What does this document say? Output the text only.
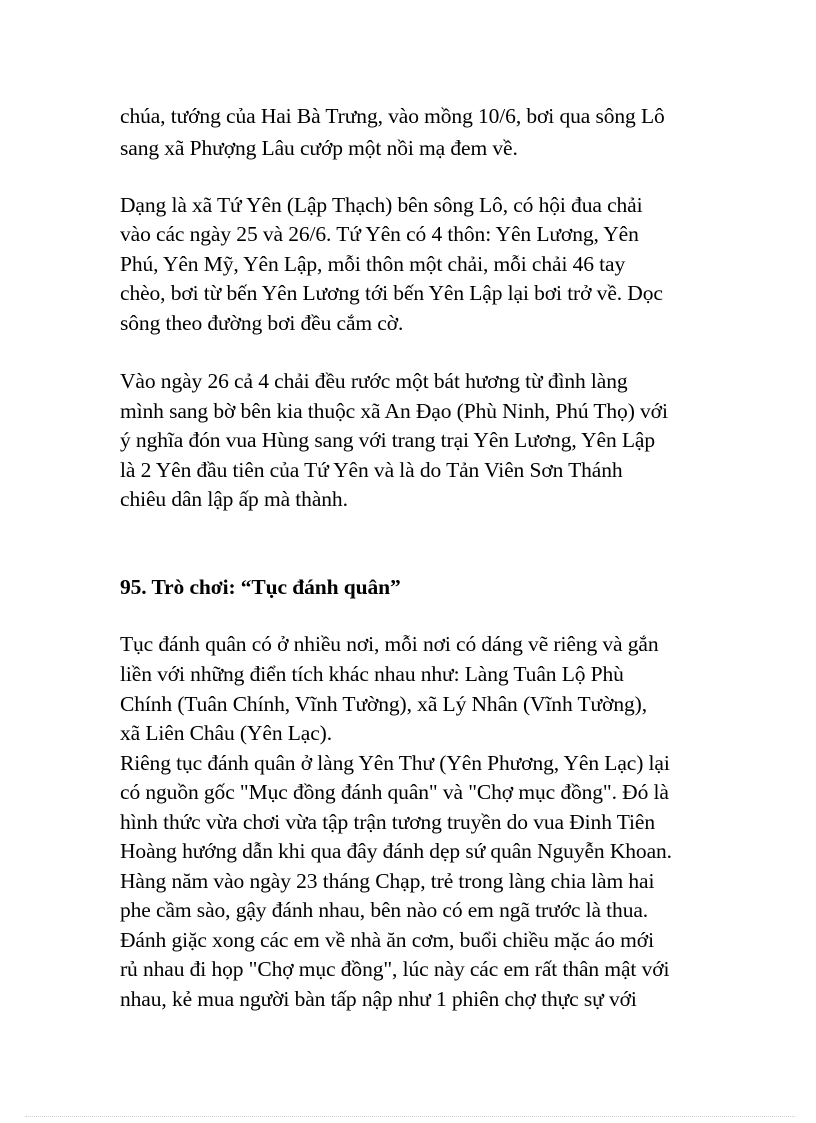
chúa, tướng của Hai Bà Trưng, vào mồng 10/6, bơi qua sông Lô
sang xã Phượng Lâu cướp một nồi mạ đem về.
Dạng là xã Tứ Yên (Lập Thạch) bên sông Lô, có hội đua chải
vào các ngày 25 và 26/6. Tứ Yên có 4 thôn: Yên Lương, Yên
Phú, Yên Mỹ, Yên Lập, mỗi thôn một chải, mỗi chải 46 tay
chèo, bơi từ bến Yên Lương tới bến Yên Lập lại bơi trở về. Dọc
sông theo đường bơi đều cắm cờ.
Vào ngày 26 cả 4 chải đều rước một bát hương từ đình làng
mình sang bờ bên kia thuộc xã An Đạo (Phù Ninh, Phú Thọ) với
ý nghĩa đón vua Hùng sang với trang trại Yên Lương, Yên Lập
là 2 Yên đầu tiên của Tứ Yên và là do Tản Viên Sơn Thánh
chiêu dân lập ấp mà thành.
95. Trò chơi: “Tục đánh quân”
Tục đánh quân có ở nhiều nơi, mỗi nơi có dáng vẽ riêng và gắn
liền với những điển tích khác nhau như: Làng Tuân Lộ Phù
Chính (Tuân Chính, Vĩnh Tường), xã Lý Nhân (Vĩnh Tường),
xã Liên Châu (Yên Lạc).
Riêng tục đánh quân ở làng Yên Thư (Yên Phương, Yên Lạc) lại
có nguồn gốc "Mục đồng đánh quân" và "Chợ mục đồng". Đó là
hình thức vừa chơi vừa tập trận tương truyền do vua Đinh Tiên
Hoàng hướng dẫn khi qua đây đánh dẹp sứ quân Nguyễn Khoan.
Hàng năm vào ngày 23 tháng Chạp, trẻ trong làng chia làm hai
phe cầm sào, gậy đánh nhau, bên nào có em ngã trước là thua.
Đánh giặc xong các em về nhà ăn cơm, buổi chiều mặc áo mới
rủ nhau đi họp "Chợ mục đồng", lúc này các em rất thân mật với
nhau, kẻ mua người bàn tấp nập như 1 phiên chợ thực sự với
